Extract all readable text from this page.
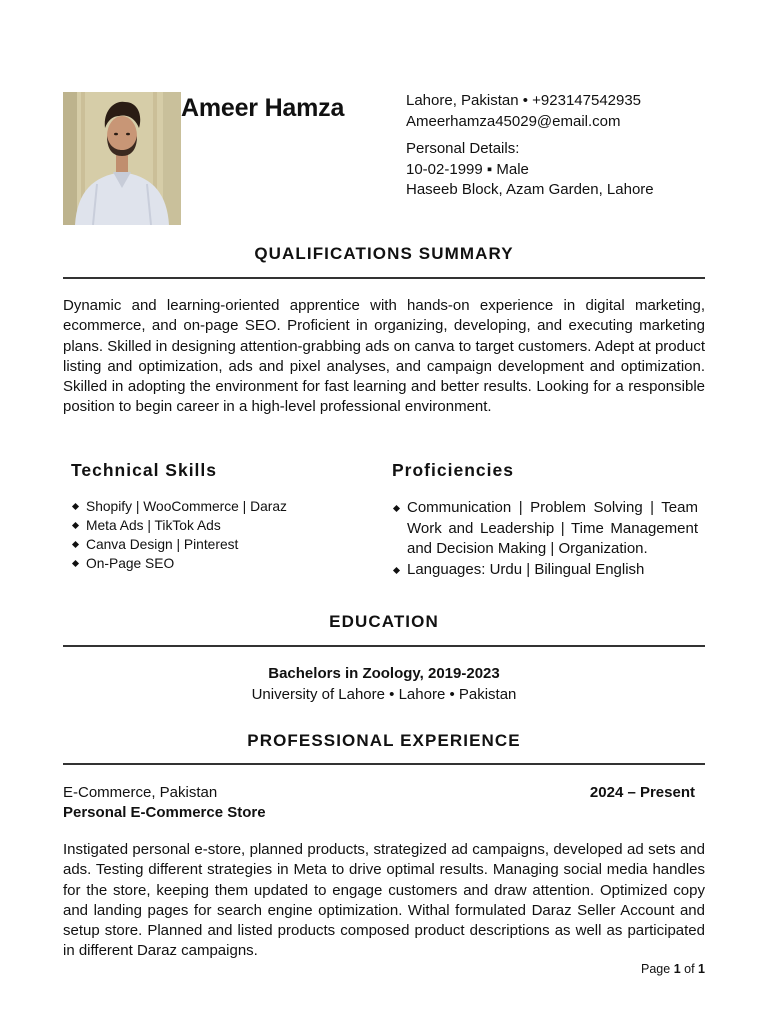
Ameer Hamza	Lahore, Pakistan • +923147542935
Ameerhamza45029@email.com
Personal Details:
10-02-1999 ▪ Male
Haseeb Block, Azam Garden, Lahore
QUALIFICATIONS SUMMARY
Dynamic and learning-oriented apprentice with hands-on experience in digital marketing, ecommerce, and on-page SEO. Proficient in organizing, developing, and executing marketing plans. Skilled in designing attention-grabbing ads on canva to target customers. Adept at product listing and optimization, ads and pixel analyses, and campaign development and optimization. Skilled in adopting the environment for fast learning and better results. Looking for a responsible position to begin career in a high-level professional environment.
Technical Skills
Shopify | WooCommerce | Daraz
Meta Ads | TikTok Ads
Canva Design | Pinterest
On-Page SEO
Proficiencies
Communication | Problem Solving | Team Work and Leadership | Time Management and Decision Making | Organization.
Languages: Urdu | Bilingual English
EDUCATION
Bachelors in Zoology, 2019-2023
University of Lahore • Lahore • Pakistan
PROFESSIONAL EXPERIENCE
E-Commerce, Pakistan	2024 – Present
Personal E-Commerce Store
Instigated personal e-store, planned products, strategized ad campaigns, developed ad sets and ads. Testing different strategies in Meta to drive optimal results. Managing social media handles for the store, keeping them updated to engage customers and draw attention. Optimized copy and landing pages for search engine optimization. Withal formulated Daraz Seller Account and setup store. Planned and listed products composed product descriptions as well as participated in different Daraz campaigns.
Page 1 of 1
